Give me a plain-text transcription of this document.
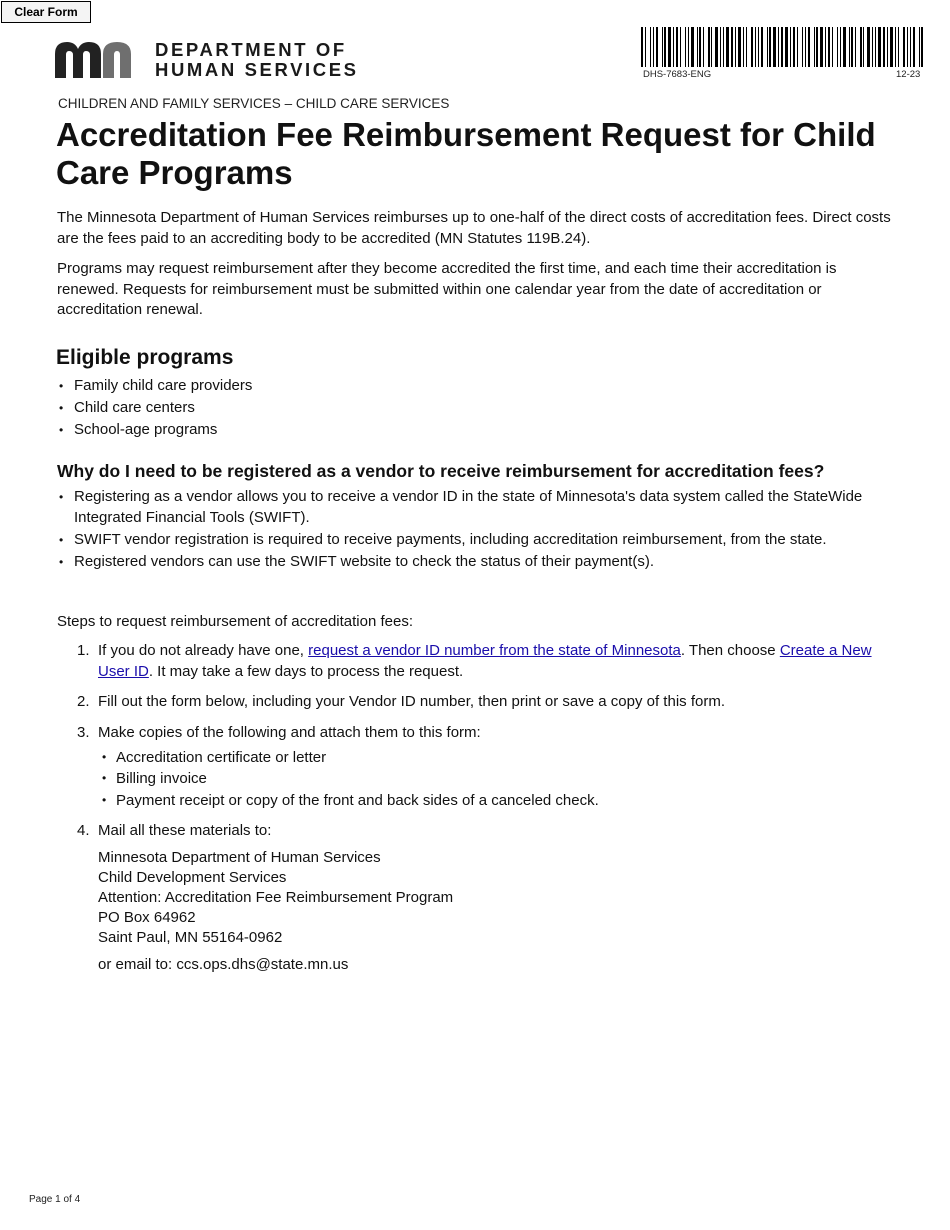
Clear Form
DEPARTMENT OF
HUMAN SERVICES	DHS-7683-ENG	12-23
CHILDREN AND FAMILY SERVICES – CHILD CARE SERVICES
Accreditation Fee Reimbursement Request for Child Care Programs

The Minnesota Department of Human Services reimburses up to one-half of the direct costs of accreditation fees. Direct costs are the fees paid to an accrediting body to be accredited (MN Statutes 119B.24).

Programs may request reimbursement after they become accredited the first time, and each time their accreditation is renewed. Requests for reimbursement must be submitted within one calendar year from the date of accreditation or accreditation renewal.

Eligible programs
• Family child care providers
• Child care centers
• School-age programs
Why do I need to be registered as a vendor to receive reimbursement for accreditation fees?
• Registering as a vendor allows you to receive a vendor ID in the state of Minnesota's data system called the StateWide Integrated Financial Tools (SWIFT).
• SWIFT vendor registration is required to receive payments, including accreditation reimbursement, from the state.
• Registered vendors can use the SWIFT website to check the status of their payment(s).
Steps to request reimbursement of accreditation fees:
1. If you do not already have one, request a vendor ID number from the state of Minnesota. Then choose Create a New User ID. It may take a few days to process the request.
2. Fill out the form below, including your Vendor ID number, then print or save a copy of this form.
3. Make copies of the following and attach them to this form:
• Accreditation certificate or letter
• Billing invoice
• Payment receipt or copy of the front and back sides of a canceled check.
4. Mail all these materials to:
Minnesota Department of Human Services
Child Development Services
Attention: Accreditation Fee Reimbursement Program
PO Box 64962
Saint Paul, MN 55164-0962
or email to: ccs.ops.dhs@state.mn.us
Page 1 of 4
